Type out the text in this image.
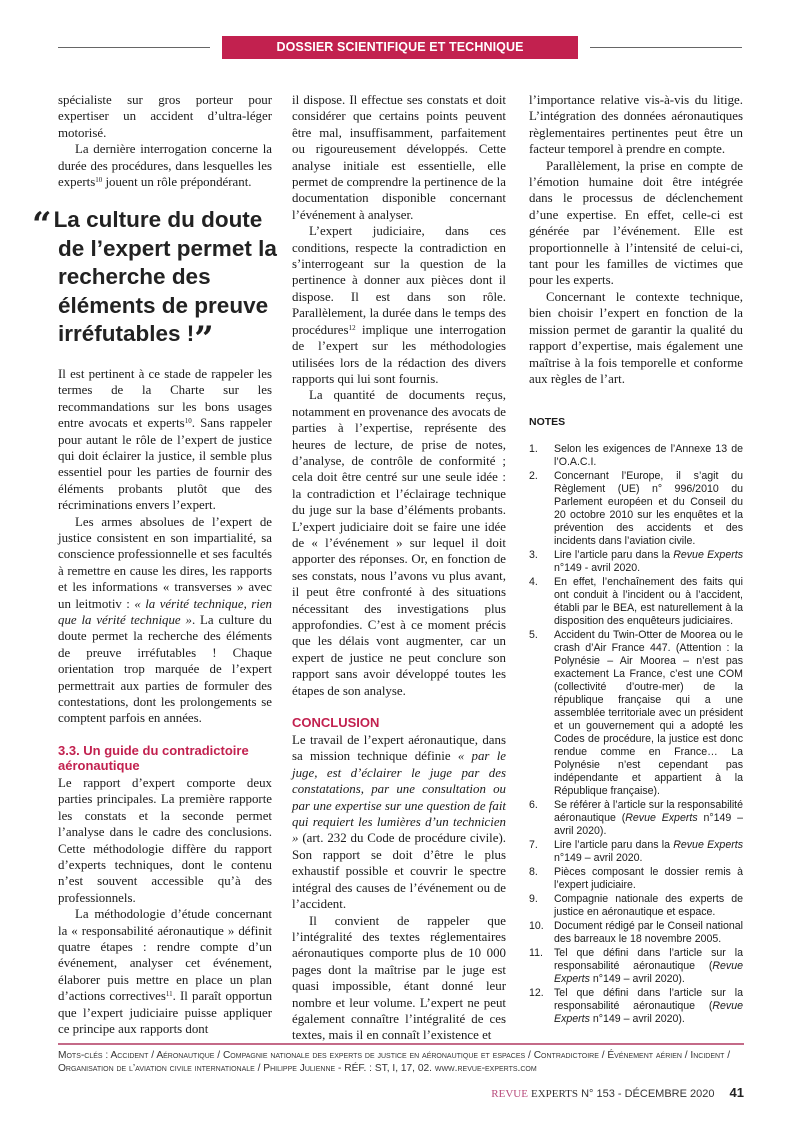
DOSSIER SCIENTIFIQUE ET TECHNIQUE

spécialiste sur gros porteur pour expertiser un accident d’ultra-léger motorisé.

La dernière interrogation concerne la durée des procédures, dans lesquelles les experts$^{10}$ jouent un rôle prépondérant.

“La culture du doute de l’expert permet la recherche des éléments de preuve irréfutables !”

Il est pertinent à ce stade de rappeler les termes de la Charte sur les recommandations sur les bons usages entre avocats et experts$^{10}$. Sans rappeler pour autant le rôle de l’expert de justice qui doit éclairer la justice, il semble plus essentiel pour les parties de fournir des éléments probants plutôt que des récriminations envers l’expert.

Les armes absolues de l’expert de justice consistent en son impartialité, sa conscience professionnelle et ses facultés à remettre en cause les dires, les rapports et les informations « transverses » avec un leitmotiv : « la vérité technique, rien que la vérité technique ». La culture du doute permet la recherche des éléments de preuve irréfutables ! Chaque orientation trop marquée de l’expert permettrait aux parties de formuler des contestations, dont les prolongements se comptent parfois en années.

3.3. Un guide du contradictoire aéronautique

Le rapport d’expert comporte deux parties principales. La première rapporte les constats et la seconde permet l’analyse dans le cadre des conclusions. Cette méthodologie diffère du rapport d’experts techniques, dont le contenu n’est souvent accessible qu’à des professionnels.

La méthodologie d’étude concernant la « responsabilité aéronautique » définit quatre étapes : rendre compte d’un événement, analyser cet événement, élaborer puis mettre en place un plan d’actions correctives$^{11}$. Il paraît opportun que l’expert judiciaire puisse appliquer ce principe aux rapports dont

il dispose. Il effectue ses constats et doit considérer que certains points peuvent être mal, insuffisamment, parfaitement ou rigoureusement développés. Cette analyse initiale est essentielle, elle permet de comprendre la pertinence de la documentation disponible concernant l’événement à analyser.

L’expert judiciaire, dans ces conditions, respecte la contradiction en s’interrogeant sur la question de la pertinence à donner aux pièces dont il dispose. Il est dans son rôle. Parallèlement, la durée dans le temps des procédures$^{12}$ implique une interrogation de l’expert sur les méthodologies utilisées lors de la rédaction des divers rapports qui lui sont fournis.

La quantité de documents reçus, notamment en provenance des avocats de parties à l’expertise, représente des heures de lecture, de prise de notes, d’analyse, de contrôle de conformité ; cela doit être centré sur une seule idée : la contradiction et l’éclairage technique du juge sur la base d’éléments probants. L’expert judiciaire doit se faire une idée de « l’événement » sur lequel il doit apporter des réponses. Or, en fonction de ses constats, nous l’avons vu plus avant, il peut être confronté à des situations nécessitant des investigations plus approfondies. C’est à ce moment précis que les délais vont augmenter, car un expert de justice ne peut conclure son rapport sans avoir développé toutes les étapes de son analyse.

CONCLUSION

Le travail de l’expert aéronautique, dans sa mission technique définie « par le juge, est d’éclairer le juge par des constatations, par une consultation ou par une expertise sur une question de fait qui requiert les lumières d’un technicien » (art. 232 du Code de procédure civile). Son rapport se doit d’être le plus exhaustif possible et couvrir le spectre intégral des causes de l’événement ou de l’accident.

Il convient de rappeler que l’intégralité des textes réglementaires aéronautiques comporte plus de 10 000 pages dont la maîtrise par le juge est quasi impossible, étant donné leur nombre et leur volume. L’expert ne peut également connaître l’intégralité de ces textes, mais il en connaît l’existence et

l’importance relative vis-à-vis du litige. L’intégration des données aéronautiques règlementaires pertinentes peut être un facteur temporel à prendre en compte.

Parallèlement, la prise en compte de l’émotion humaine doit être intégrée dans le processus de déclenchement d’une expertise. En effet, celle-ci est générée par l’événement. Elle est proportionnelle à l’intensité de celui-ci, tant pour les familles de victimes que pour les experts.

Concernant le contexte technique, bien choisir l’expert en fonction de la mission permet de garantir la qualité du rapport d’expertise, mais également une maîtrise à la fois temporelle et conforme aux règles de l’art.

NOTES
1.	Selon les exigences de l’Annexe 13 de l’O.A.C.I.
2.	Concernant l’Europe, il s’agit du Règlement (UE) n° 996/2010 du Parlement européen et du Conseil du 20 octobre 2010 sur les enquêtes et la prévention des accidents et des incidents dans l’aviation civile.
3.	Lire l’article paru dans la Revue Experts n°149 - avril 2020.
4.	En effet, l’enchaînement des faits qui ont conduit à l’incident ou à l’accident, établi par le BEA, est naturellement à la disposition des enquêteurs judiciaires.
5.	Accident du Twin-Otter de Moorea ou le crash d’Air France 447. (Attention : la Polynésie – Air Moorea – n’est pas exactement La France, c’est une COM (collectivité d’outre-mer) de la république française qui a une assemblée territoriale avec un président et un gouvernement qui a adopté les Codes de procédure, la justice est donc rendue comme en France… La Polynésie n’est cependant pas indépendante et appartient à la République française).
6.	Se référer à l’article sur la responsabilité aéronautique (Revue Experts n°149 – avril 2020).
7.	Lire l’article paru dans la Revue Experts n°149 – avril 2020.
8.	Pièces composant le dossier remis à l’expert judiciaire.
9.	Compagnie nationale des experts de justice en aéronautique et espace.
10. Document rédigé par le Conseil national des barreaux le 18 novembre 2005.
11.	Tel que défini dans l’article sur la responsabilité aéronautique (Revue Experts n°149 – avril 2020).
12. Tel que défini dans l’article sur la responsabilité aéronautique (Revue Experts n°149 – avril 2020).
Mots-clés : Accident / Aéronautique / Compagnie nationale des experts de justice en aéronautique et espaces / Contradictoire / Événement aérien / Incident / Organisation de l’aviation civile internationale / Philippe Julienne - RÉF. : ST, I, 17, 02. www.revue-experts.com
REVUE EXPERTS N° 153 - DÉCEMBRE 2020 41
